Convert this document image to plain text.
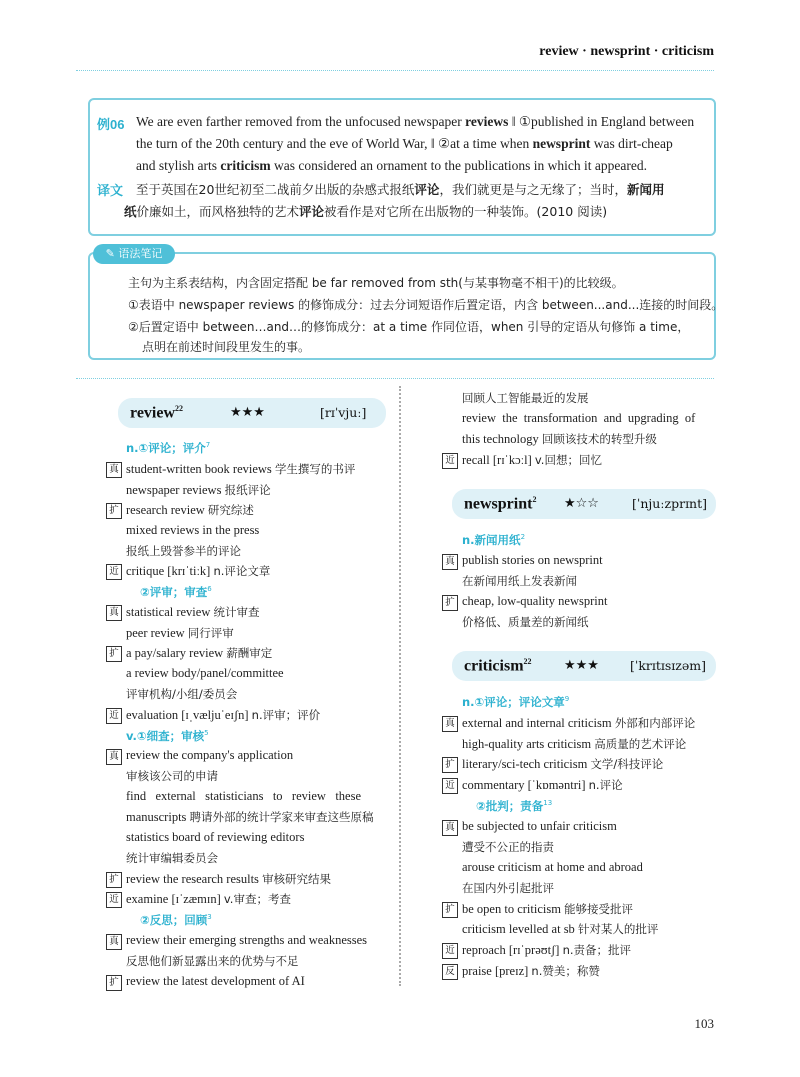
review · newsprint · criticism
例06 We are even farther removed from the unfocused newspaper reviews ‖ ①published in England between
the turn of the 20th century and the eve of World War, ‖ ②at a time when newsprint was dirt-cheap
and stylish arts criticism was considered an ornament to the publications in which it appeared.
译文 至于英国在20世纪初至二战前夕出版的杂感式报纸评论，我们就更是与之无缘了；当时，新闻用
纸价廉如土，而风格独特的艺术评论被看作是对它所在出版物的一种装饰。(2010 阅读)
✎ 语法笔记
主句为主系表结构，内含固定搭配 be far removed from sth(与某事物毫不相干)的比较级。
①表语中 newspaper reviews 的修饰成分：过去分词短语作后置定语，内含 between...and...连接的时间段。
②后置定语中 between…and…的修饰成分：at a time 作同位语，when 引导的定语从句修饰 a time，
点明在前述时间段里发生的事。
review$^{22}$	★★★	[rɪˈvjuː]
n.①评论；评介$^7$
真 student-written book reviews 学生撰写的书评
newspaper reviews 报纸评论
扩 research review 研究综述
mixed reviews in the press
报纸上毁誉参半的评论
近 critique [krɪˈtiːk] n.评论文章
②评审；审查$^6$
真 statistical review 统计审查
peer review 同行评审
扩 a pay/salary review 薪酬审定
a review body/panel/committee
评审机构/小组/委员会
近 evaluation [ɪˌvæljuˈeɪʃn] n.评审；评价
v.①细查；审核$^5$
真 review the company's application
审核该公司的申请
find   external   statisticians   to   review   these
manuscripts 聘请外部的统计学家来审查这些原稿
statistics board of reviewing editors
统计审编辑委员会
扩 review the research results 审核研究结果
近 examine [ɪˈzæmɪn] v.审查；考查
②反思；回顾$^3$
真 review their emerging strengths and weaknesses
反思他们新显露出来的优势与不足
扩 review the latest development of AI
回顾人工智能最近的发展
review  the  transformation  and  upgrading  of
this technology 回顾该技术的转型升级
近 recall [rɪˈkɔːl] v.回想；回忆
newsprint$^2$ ★☆☆	[ˈnjuːzprɪnt]
n.新闻用纸$^2$
真 publish stories on newsprint
在新闻用纸上发表新闻
扩 cheap, low-quality newsprint
价格低、质量差的新闻纸
criticism$^{22}$ ★★★ [ˈkrɪtɪsɪzəm]
n.①评论；评论文章$^9$
真 external and internal criticism 外部和内部评论
high-quality arts criticism 高质量的艺术评论
扩 literary/sci-tech criticism 文学/科技评论
近 commentary [ˈkɒməntri] n.评论
②批判；责备$^{13}$
真 be subjected to unfair criticism
遭受不公正的指责
arouse criticism at home and abroad
在国内外引起批评
扩 be open to criticism 能够接受批评
criticism levelled at sb 针对某人的批评
近 reproach [rɪˈprəʊtʃ] n.责备；批评
反 praise [preɪz] n.赞美；称赞
103
